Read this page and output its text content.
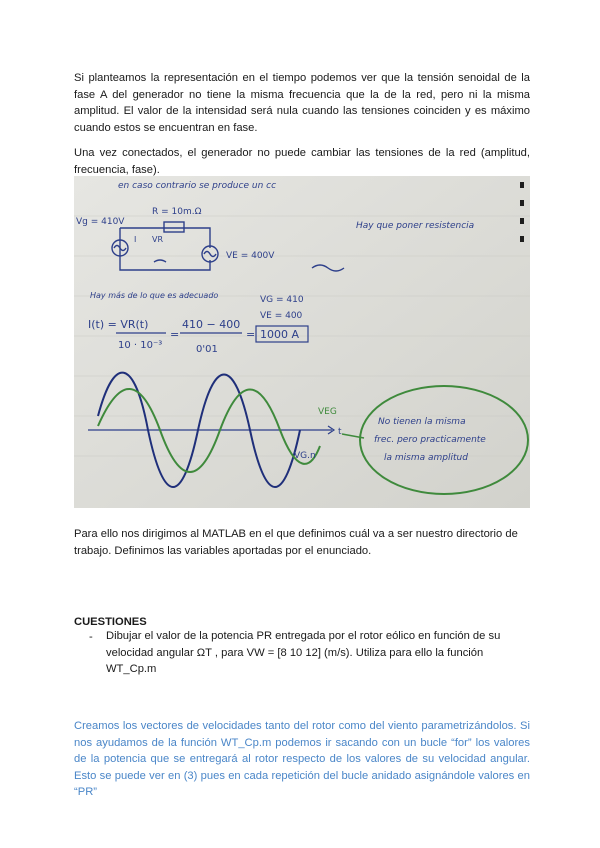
Si planteamos la representación en el tiempo podemos ver que la tensión senoidal de la fase A del generador no tiene la misma frecuencia que la de la red, pero ni la misma amplitud. El valor de la intensidad será nula cuando las tensiones coinciden y es máximo cuando estos se encuentran en fase.

Una vez conectados, el generador no puede cambiar las tensiones de la red (amplitud, frecuencia, fase).

en caso contrario se produce un cc
R = 10m.Ω
Vg = 410V
I VR
VE = 400V
Hay que poner resistencia
Hay más de lo que es adecuado	VG = 410
VE = 400
I(t) = VR(t)
10 · 10⁻³
=
410 − 400
0'01
= 1000 A
VEG
VG.n
t
No tienen la misma
frec. pero practicamente
la misma amplitud

Para ello nos dirigimos al MATLAB en el que definimos cuál va a ser nuestro directorio de trabajo. Definimos las variables aportadas por el enunciado.

CUESTIONES

- Dibujar el valor de la potencia PR entregada por el rotor eólico en función de su velocidad angular ΩT , para VW = [8 10 12] (m/s). Utiliza para ello la función WT_Cp.m

Creamos los vectores de velocidades tanto del rotor como del viento parametrizándolos. Si nos ayudamos de la función WT_Cp.m podemos ir sacando con un bucle “for” los valores de la potencia que se entregará al rotor respecto de los valores de su velocidad angular. Esto se puede ver en (3) pues en cada repetición del bucle anidado asignándole valores en “PR”
